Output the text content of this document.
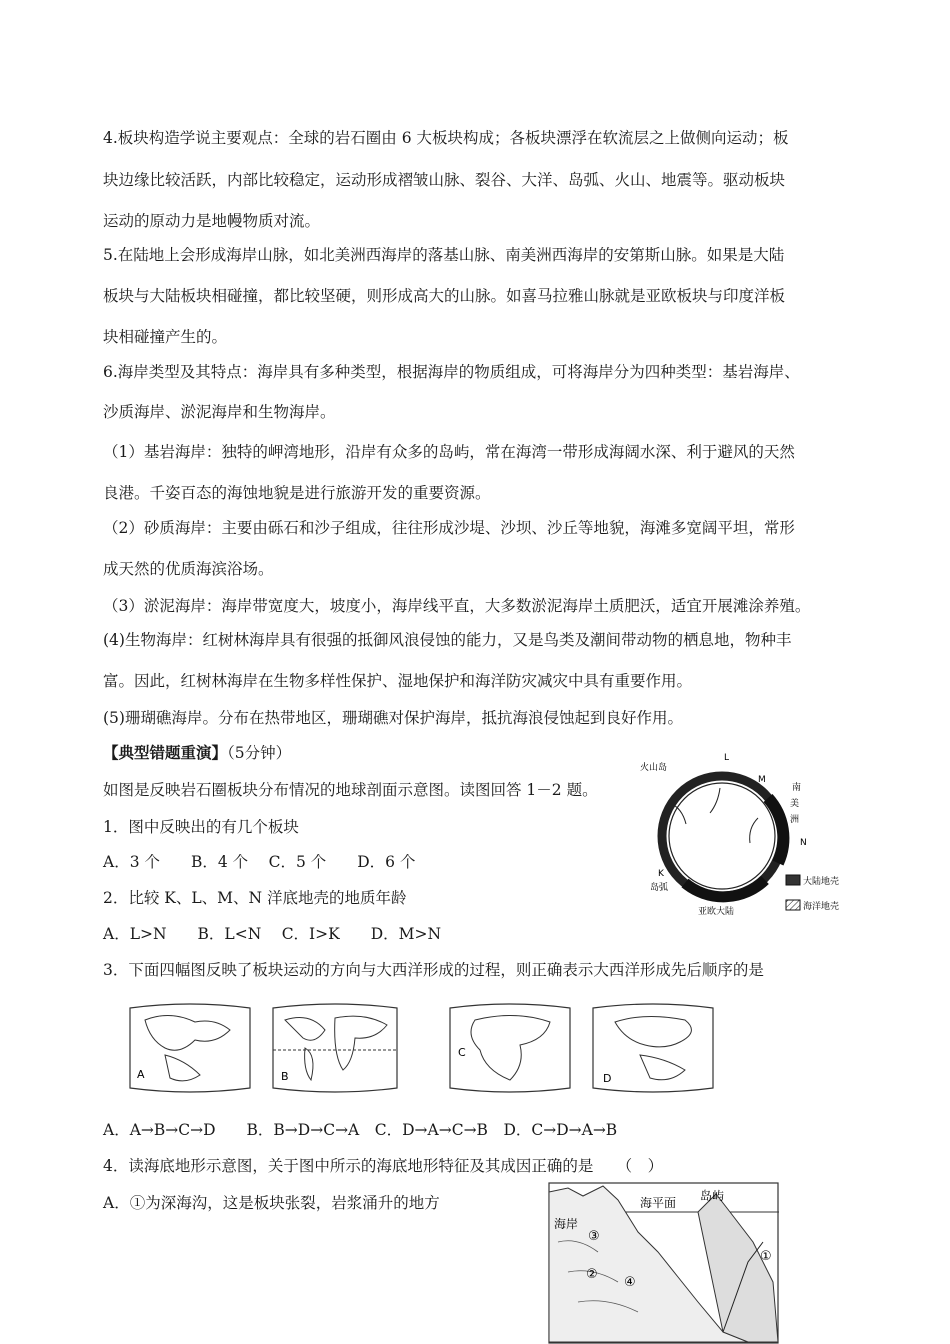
4.板块构造学说主要观点：全球的岩石圈由 6 大板块构成；各板块漂浮在软流层之上做侧向运动；板
块边缘比较活跃，内部比较稳定，运动形成褶皱山脉、裂谷、大洋、岛弧、火山、地震等。驱动板块
运动的原动力是地幔物质对流。
5.在陆地上会形成海岸山脉，如北美洲西海岸的落基山脉、南美洲西海岸的安第斯山脉。如果是大陆
板块与大陆板块相碰撞，都比较坚硬，则形成高大的山脉。如喜马拉雅山脉就是亚欧板块与印度洋板
块相碰撞产生的。
6.海岸类型及其特点：海岸具有多种类型，根据海岸的物质组成，可将海岸分为四种类型：基岩海岸、
沙质海岸、淤泥海岸和生物海岸。
（1）基岩海岸：独特的岬湾地形，沿岸有众多的岛屿，常在海湾一带形成海阔水深、利于避风的天然
良港。千姿百态的海蚀地貌是进行旅游开发的重要资源。
（2）砂质海岸：主要由砾石和沙子组成，往往形成沙堤、沙坝、沙丘等地貌，海滩多宽阔平坦，常形
成天然的优质海滨浴场。
（3）淤泥海岸：海岸带宽度大，坡度小，海岸线平直，大多数淤泥海岸土质肥沃，适宜开展滩涂养殖。
(4)生物海岸：红树林海岸具有很强的抵御风浪侵蚀的能力，又是鸟类及潮间带动物的栖息地，物种丰
富。因此，红树林海岸在生物多样性保护、湿地保护和海洋防灾减灾中具有重要作用。
(5)珊瑚礁海岸。分布在热带地区，珊瑚礁对保护海岸，抵抗海浪侵蚀起到良好作用。
【典型错题重演】（5分钟）
如图是反映岩石圈板块分布情况的地球剖面示意图。读图回答 1－2 题。
1．图中反映出的有几个板块
A．3 个　　B．4 个　 C．5 个　　D．6 个
2．比较 K、L、M、N 洋底地壳的地质年龄
A．L>N　　B．L<N　 C．I>K　　D．M>N
3．下面四幅图反映了板块运动的方向与大西洋形成的过程，则正确表示大西洋形成先后顺序的是
A．A→B→C→D　　B．B→D→C→A　C．D→A→C→B　D．C→D→A→B
4．读海底地形示意图，关于图中所示的海底地形特征及其成因正确的是　　（　）
A．①为深海沟，这是板块张裂，岩浆涌升的地方
火山岛
L
M
南
美
洲
N
K
岛弧
亚欧大陆
大陆地壳
海洋地壳
A	B
C
D
海平面 岛屿
海岸
③
②
④
①
